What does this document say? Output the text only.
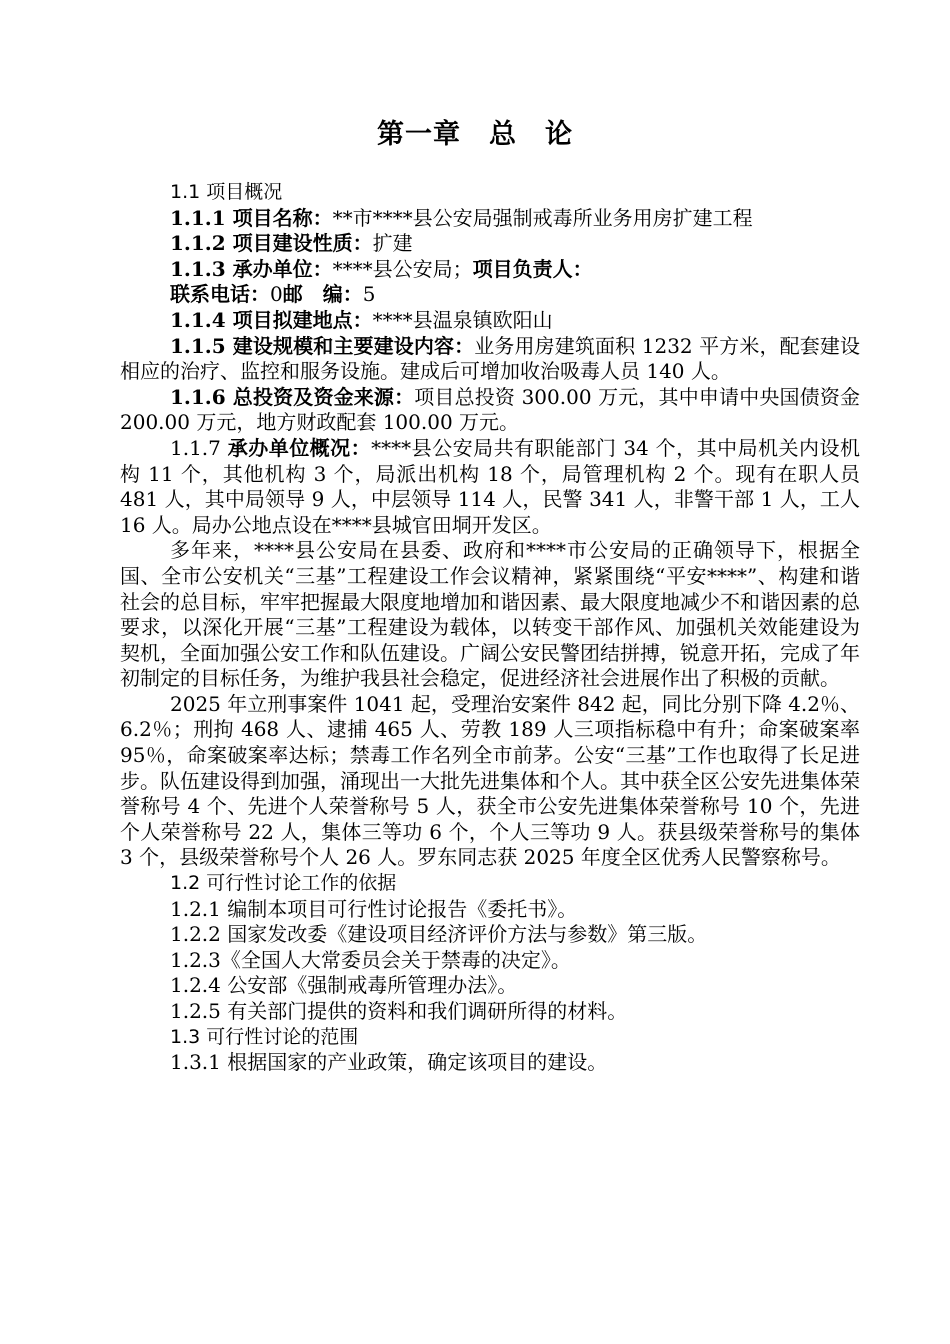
第一章　总　论

1.1 项目概况

1.1.1 项目名称：**市****县公安局强制戒毒所业务用房扩建工程

1.1.2 项目建设性质：扩建

1.1.3 承办单位：****县公安局；项目负责人：

联系电话：0邮　编：5

1.1.4 项目拟建地点：****县温泉镇欧阳山

1.1.5 建设规模和主要建设内容：业务用房建筑面积 1232 平方米，配套建设相应的治疗、监控和服务设施。建成后可增加收治吸毒人员 140 人。

1.1.6 总投资及资金来源：项目总投资 300.00 万元，其中申请中央国债资金 200.00 万元，地方财政配套 100.00 万元。

1.1.7 承办单位概况：****县公安局共有职能部门 34 个，其中局机关内设机构 11 个，其他机构 3 个，局派出机构 18 个，局管理机构 2 个。现有在职人员 481 人，其中局领导 9 人，中层领导 114 人，民警 341 人，非警干部 1 人，工人 16 人。局办公地点设在****县城官田垌开发区。

多年来，****县公安局在县委、政府和****市公安局的正确领导下，根据全国、全市公安机关“三基”工程建设工作会议精神，紧紧围绕“平安****”、构建和谐社会的总目标，牢牢把握最大限度地增加和谐因素、最大限度地减少不和谐因素的总要求，以深化开展“三基”工程建设为载体，以转变干部作风、加强机关效能建设为契机，全面加强公安工作和队伍建设。广阔公安民警团结拼搏，锐意开拓，完成了年初制定的目标任务，为维护我县社会稳定，促进经济社会进展作出了积极的贡献。

2025 年立刑事案件 1041 起，受理治安案件 842 起，同比分别下降 4.2％、6.2％；刑拘 468 人、逮捕 465 人、劳教 189 人三项指标稳中有升；命案破案率 95％，命案破案率达标；禁毒工作名列全市前茅。公安“三基”工作也取得了长足进步。队伍建设得到加强，涌现出一大批先进集体和个人。其中获全区公安先进集体荣誉称号 4 个、先进个人荣誉称号 5 人，获全市公安先进集体荣誉称号 10 个，先进个人荣誉称号 22 人，集体三等功 6 个，个人三等功 9 人。获县级荣誉称号的集体 3 个，县级荣誉称号个人 26 人。罗东同志获 2025 年度全区优秀人民警察称号。

1.2 可行性讨论工作的依据

1.2.1 编制本项目可行性讨论报告《委托书》。

1.2.2 国家发改委《建设项目经济评价方法与参数》第三版。

1.2.3《全国人大常委员会关于禁毒的决定》。

1.2.4 公安部《强制戒毒所管理办法》。

1.2.5 有关部门提供的资料和我们调研所得的材料。

1.3 可行性讨论的范围

1.3.1 根据国家的产业政策，确定该项目的建设。
